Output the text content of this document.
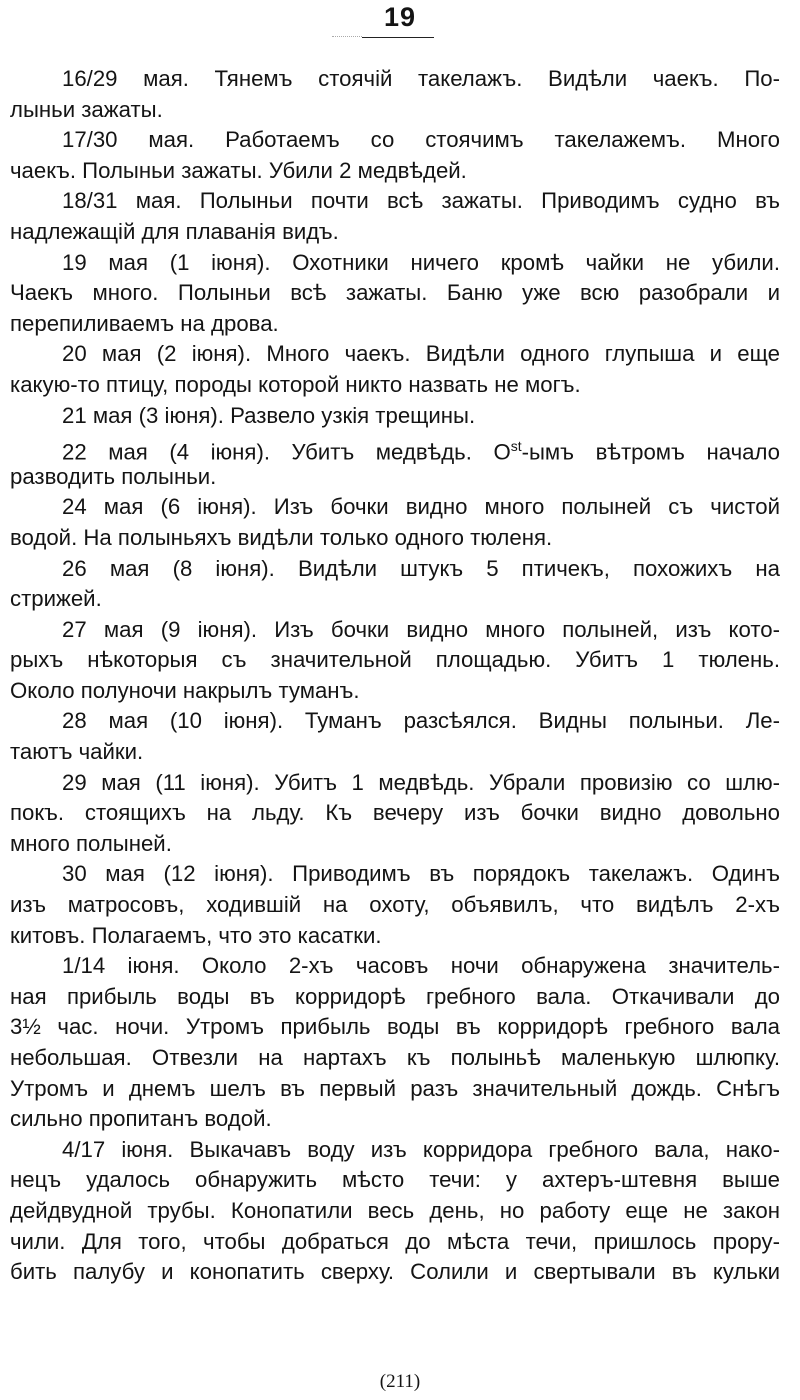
19
16/29 мая. Тянемъ стоячій такелажъ. Видѣли чаекъ. По-
лыньи зажаты.
17/30 мая. Работаемъ со стоячимъ такелажемъ. Много
чаекъ. Полыньи зажаты. Убили 2 медвѣдей.
18/31 мая. Полыньи почти всѣ зажаты. Приводимъ судно въ
надлежащій для плаванія видъ.
19 мая (1 іюня). Охотники ничего кромѣ чайки не убили.
Чаекъ много. Полыньи всѣ зажаты. Баню уже всю разобрали и
перепиливаемъ на дрова.
20 мая (2 іюня). Много чаекъ. Видѣли одного глупыша и еще
какую-то птицу, породы которой никто назвать не могъ.
21 мая (3 іюня). Развело узкія трещины.
22 мая (4 іюня). Убитъ медвѣдь. $O^{st}$-ымъ вѣтромъ начало
разводить полыньи.
24 мая (6 іюня). Изъ бочки видно много полыней съ чистой
водой. На полыньяхъ видѣли только одного тюленя.
26 мая (8 іюня). Видѣли штукъ 5 птичекъ, похожихъ на
стрижей.
27 мая (9 іюня). Изъ бочки видно много полыней, изъ кото-
рыхъ нѣкоторыя съ значительной площадью. Убитъ 1 тюлень.
Около полуночи накрылъ туманъ.
28 мая (10 іюня). Туманъ разсѣялся. Видны полыньи. Ле-
таютъ чайки.
29 мая (11 іюня). Убитъ 1 медвѣдь. Убрали провизію со шлю-
покъ. стоящихъ на льду. Къ вечеру изъ бочки видно довольно
много полыней.
30 мая (12 іюня). Приводимъ въ порядокъ такелажъ. Одинъ
изъ матросовъ, ходившій на охоту, объявилъ, что видѣлъ 2-хъ
китовъ. Полагаемъ, что это касатки.
1/14 іюня. Около 2-хъ часовъ ночи обнаружена значитель-
ная прибыль воды въ корридорѣ гребного вала. Откачивали до
3½ час. ночи. Утромъ прибыль воды въ корридорѣ гребного вала
небольшая. Отвезли на нартахъ къ полыньѣ маленькую шлюпку.
Утромъ и днемъ шелъ въ первый разъ значительный дождь. Снѣгъ
сильно пропитанъ водой.
4/17 іюня. Выкачавъ воду изъ корридора гребного вала, нако-
нецъ удалось обнаружить мѣсто течи: у ахтеръ-штевня выше
дейдвудной трубы. Конопатили весь день, но работу еще не закон
чили. Для того, чтобы добраться до мѣста течи, пришлось прору-
бить палубу и конопатить сверху. Солили и свертывали въ кульки
(211)
